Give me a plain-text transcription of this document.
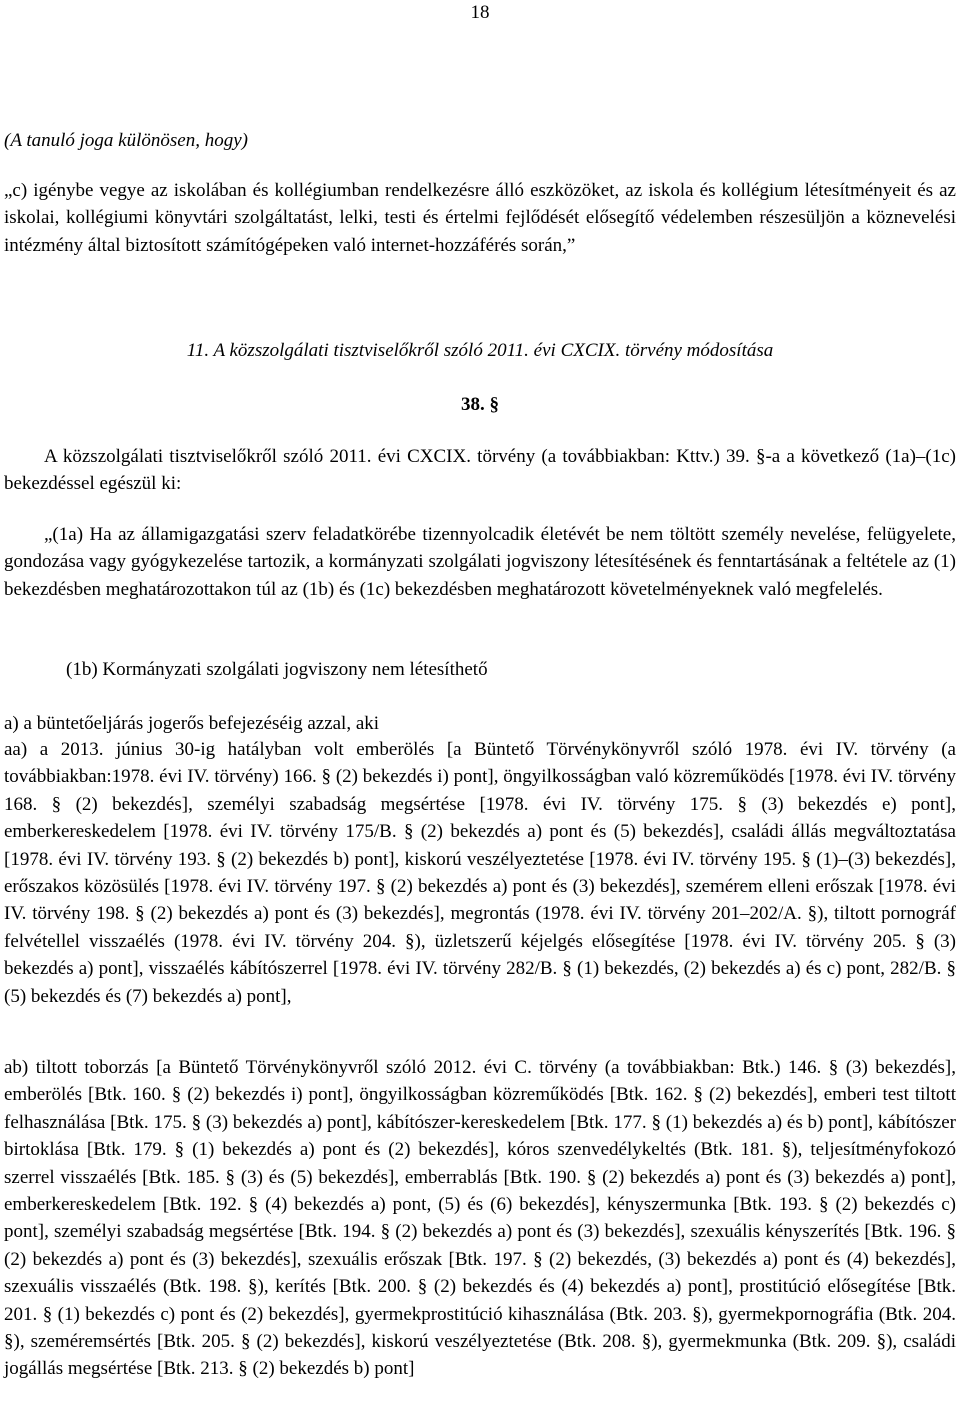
18

(A tanuló joga különösen, hogy)

„c) igénybe vegye az iskolában és kollégiumban rendelkezésre álló eszközöket, az iskola és kollégium létesítményeit és az iskolai, kollégiumi könyvtári szolgáltatást, lelki, testi és értelmi fejlődését elősegítő védelemben részesüljön a köznevelési intézmény által biztosított számítógépeken való internet-hozzáférés során,”

11. A közszolgálati tisztviselőkről szóló 2011. évi CXCIX. törvény módosítása

38. §

A közszolgálati tisztviselőkről szóló 2011. évi CXCIX. törvény (a továbbiakban: Kttv.) 39. §-a a következő (1a)–(1c) bekezdéssel egészül ki:

„(1a) Ha az államigazgatási szerv feladatkörébe tizennyolcadik életévét be nem töltött személy nevelése, felügyelete, gondozása vagy gyógykezelése tartozik, a kormányzati szolgálati jogviszony létesítésének és fenntartásának a feltétele az (1) bekezdésben meghatározottakon túl az (1b) és (1c) bekezdésben meghatározott követelményeknek való megfelelés.

(1b) Kormányzati szolgálati jogviszony nem létesíthető

a) a büntetőeljárás jogerős befejezéséig azzal, aki

aa) a 2013. június 30-ig hatályban volt emberölés [a Büntető Törvénykönyvről szóló 1978. évi IV. törvény (a továbbiakban:1978. évi IV. törvény) 166. § (2) bekezdés i) pont], öngyilkosságban való közreműködés [1978. évi IV. törvény 168. § (2) bekezdés], személyi szabadság megsértése [1978. évi IV. törvény 175. § (3) bekezdés e) pont], emberkereskedelem [1978. évi IV. törvény 175/B. § (2) bekezdés a) pont és (5) bekezdés], családi állás megváltoztatása [1978. évi IV. törvény 193. § (2) bekezdés b) pont], kiskorú veszélyeztetése [1978. évi IV. törvény 195. § (1)–(3) bekezdés], erőszakos közösülés [1978. évi IV. törvény 197. § (2) bekezdés a) pont és (3) bekezdés], szemérem elleni erőszak [1978. évi IV. törvény 198. § (2) bekezdés a) pont és (3) bekezdés], megrontás (1978. évi IV. törvény 201–202/A. §), tiltott pornográf felvétellel visszaélés (1978. évi IV. törvény 204. §), üzletszerű kéjelgés elősegítése [1978. évi IV. törvény 205. § (3) bekezdés a) pont], visszaélés kábítószerrel [1978. évi IV. törvény 282/B. § (1) bekezdés, (2) bekezdés a) és c) pont, 282/B. § (5) bekezdés és (7) bekezdés a) pont],

ab) tiltott toborzás [a Büntető Törvénykönyvről szóló 2012. évi C. törvény (a továbbiakban: Btk.) 146. § (3) bekezdés], emberölés [Btk. 160. § (2) bekezdés i) pont], öngyilkosságban közreműködés [Btk. 162. § (2) bekezdés], emberi test tiltott felhasználása [Btk. 175. § (3) bekezdés a) pont], kábítószer-kereskedelem [Btk. 177. § (1) bekezdés a) és b) pont], kábítószer birtoklása [Btk. 179. § (1) bekezdés a) pont és (2) bekezdés], kóros szenvedélykeltés (Btk. 181. §), teljesítményfokozó szerrel visszaélés [Btk. 185. § (3) és (5) bekezdés], emberrablás [Btk. 190. § (2) bekezdés a) pont és (3) bekezdés a) pont], emberkereskedelem [Btk. 192. § (4) bekezdés a) pont, (5) és (6) bekezdés], kényszermunka [Btk. 193. § (2) bekezdés c) pont], személyi szabadság megsértése [Btk. 194. § (2) bekezdés a) pont és (3) bekezdés], szexuális kényszerítés [Btk. 196. § (2) bekezdés a) pont és (3) bekezdés], szexuális erőszak [Btk. 197. § (2) bekezdés, (3) bekezdés a) pont és (4) bekezdés], szexuális visszaélés (Btk. 198. §), kerítés [Btk. 200. § (2) bekezdés és (4) bekezdés a) pont], prostitúció elősegítése [Btk. 201. § (1) bekezdés c) pont és (2) bekezdés], gyermekprostitúció kihasználása (Btk. 203. §), gyermekpornográfia (Btk. 204. §), szeméremsértés [Btk. 205. § (2) bekezdés], kiskorú veszélyeztetése (Btk. 208. §), gyermekmunka (Btk. 209. §), családi jogállás megsértése [Btk. 213. § (2) bekezdés b) pont]
